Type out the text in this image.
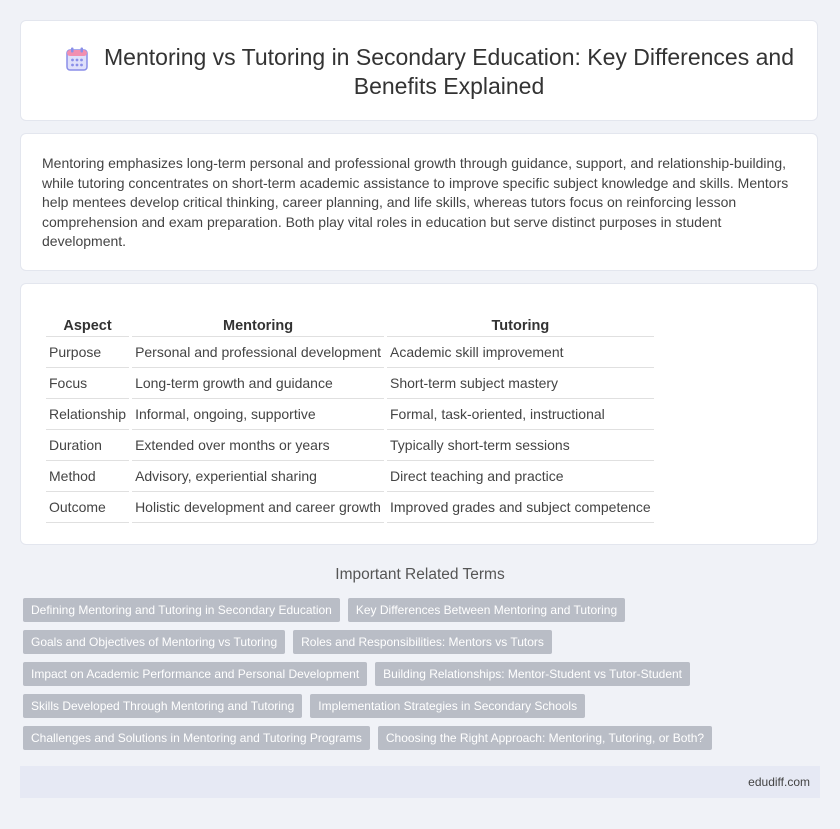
Mentoring vs Tutoring in Secondary Education: Key Differences and Benefits Explained

Mentoring emphasizes long-term personal and professional growth through guidance, support, and relationship-building, while tutoring concentrates on short-term academic assistance to improve specific subject knowledge and skills. Mentors help mentees develop critical thinking, career planning, and life skills, whereas tutors focus on reinforcing lesson comprehension and exam preparation. Both play vital roles in education but serve distinct purposes in student development.

Aspect	Mentoring	Tutoring
Purpose	Personal and professional development	Academic skill improvement
Focus	Long-term growth and guidance	Short-term subject mastery
Relationship	Informal, ongoing, supportive	Formal, task-oriented, instructional
Duration	Extended over months or years	Typically short-term sessions
Method	Advisory, experiential sharing	Direct teaching and practice
Outcome	Holistic development and career growth	Improved grades and subject competence
Important Related Terms
Defining Mentoring and Tutoring in Secondary Education	Key Differences Between Mentoring and Tutoring
Goals and Objectives of Mentoring vs Tutoring	Roles and Responsibilities: Mentors vs Tutors
Impact on Academic Performance and Personal Development	Building Relationships: Mentor-Student vs Tutor-Student
Skills Developed Through Mentoring and Tutoring	Implementation Strategies in Secondary Schools
Challenges and Solutions in Mentoring and Tutoring Programs	Choosing the Right Approach: Mentoring, Tutoring, or Both?
edudiff.com
